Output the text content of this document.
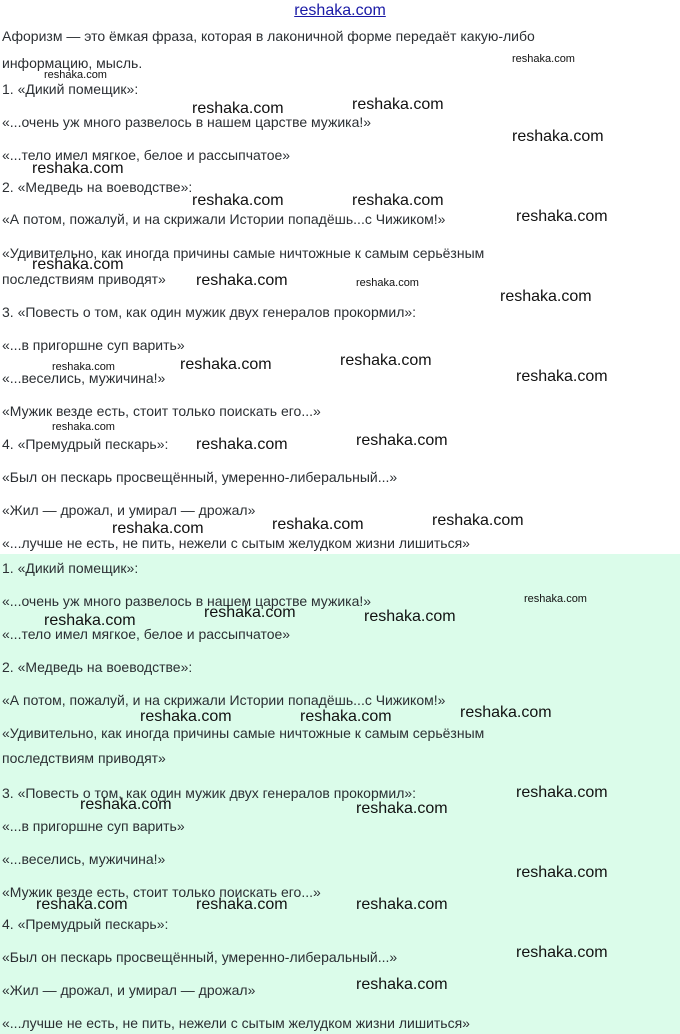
reshaka.com
Афоризм — это ёмкая фраза, которая в лаконичной форме передаёт какую-либо
информацию, мысль.
1. «Дикий помещик»:
«...очень уж много развелось в нашем царстве мужика!»
«...тело имел мягкое, белое и рассыпчатое»
2. «Медведь на воеводстве»:
«А потом, пожалуй, и на скрижали Истории попадёшь...с Чижиком!»
«Удивительно, как иногда причины самые ничтожные к самым серьёзным
последствиям приводят»
3. «Повесть о том, как один мужик двух генералов прокормил»:
«...в пригоршне суп варить»
«...веселись, мужичина!»
«Мужик везде есть, стоит только поискать его...»
4. «Премудрый пескарь»:
«Был он пескарь просвещённый, умеренно-либеральный...»
«Жил — дрожал, и умирал — дрожал»
«...лучше не есть, не пить, нежели с сытым желудком жизни лишиться»
1. «Дикий помещик»:
«...очень уж много развелось в нашем царстве мужика!»
«...тело имел мягкое, белое и рассыпчатое»
2. «Медведь на воеводстве»:
«А потом, пожалуй, и на скрижали Истории попадёшь...с Чижиком!»
«Удивительно, как иногда причины самые ничтожные к самым серьёзным
последствиям приводят»
3. «Повесть о том, как один мужик двух генералов прокормил»:
«...в пригоршне суп варить»
«...веселись, мужичина!»
«Мужик везде есть, стоит только поискать его...»
4. «Премудрый пескарь»:
«Был он пескарь просвещённый, умеренно-либеральный...»
«Жил — дрожал, и умирал — дрожал»
«...лучше не есть, не пить, нежели с сытым желудком жизни лишиться»
reshaka.com
reshaka.com
reshaka.com	reshaka.com
reshaka.com
reshaka.com
reshaka.com	reshaka.com
reshaka.com
reshaka.com
reshaka.com	reshaka.com
reshaka.com
reshaka.com	reshaka.com	reshaka.com
reshaka.com
reshaka.com
reshaka.com	reshaka.com
reshaka.com	reshaka.com	reshaka.com
reshaka.com
reshaka.com
reshaka.com	reshaka.com
reshaka.com
reshaka.com	reshaka.com
reshaka.com
reshaka.com	reshaka.com
reshaka.com
reshaka.com	reshaka.com	reshaka.com
reshaka.com
reshaka.com
